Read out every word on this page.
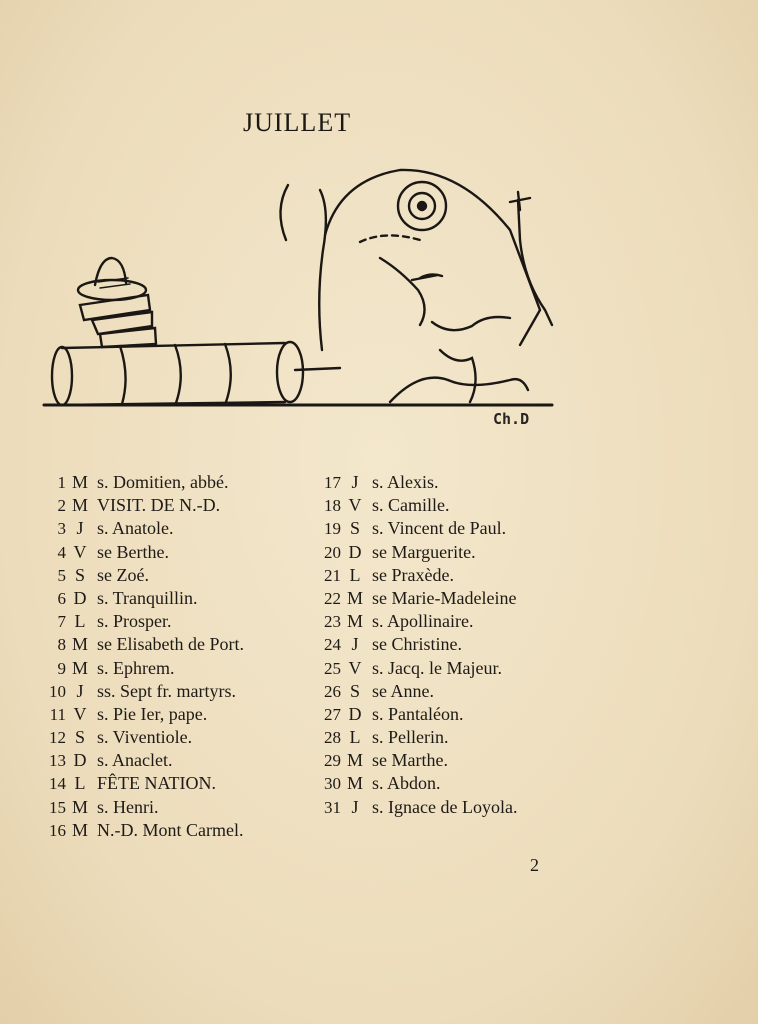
JUILLET
Ch.D
1 M s. Domitien, abbé.
2 M VISIT. DE N.-D.
3 J s. Anatole.
4 V se Berthe.
5 S se Zoé.
6 D s. Tranquillin.
7 L s. Prosper.
8 M se Elisabeth de Port.
9 M s. Ephrem.
10 J ss. Sept fr. martyrs.
11 V s. Pie Ier, pape.
12 S s. Viventiole.
13 D s. Anaclet.
14 L FÊTE NATION.
15 M s. Henri.
16 M N.-D. Mont Carmel.
17 J s. Alexis.
18 V s. Camille.
19 S s. Vincent de Paul.
20 D se Marguerite.
21 L se Praxède.
22 M se Marie-Madeleine
23 M s. Apollinaire.
24 J se Christine.
25 V s. Jacq. le Majeur.
26 S se Anne.
27 D s. Pantaléon.
28 L s. Pellerin.
29 M se Marthe.
30 M s. Abdon.
31 J s. Ignace de Loyola.
2
